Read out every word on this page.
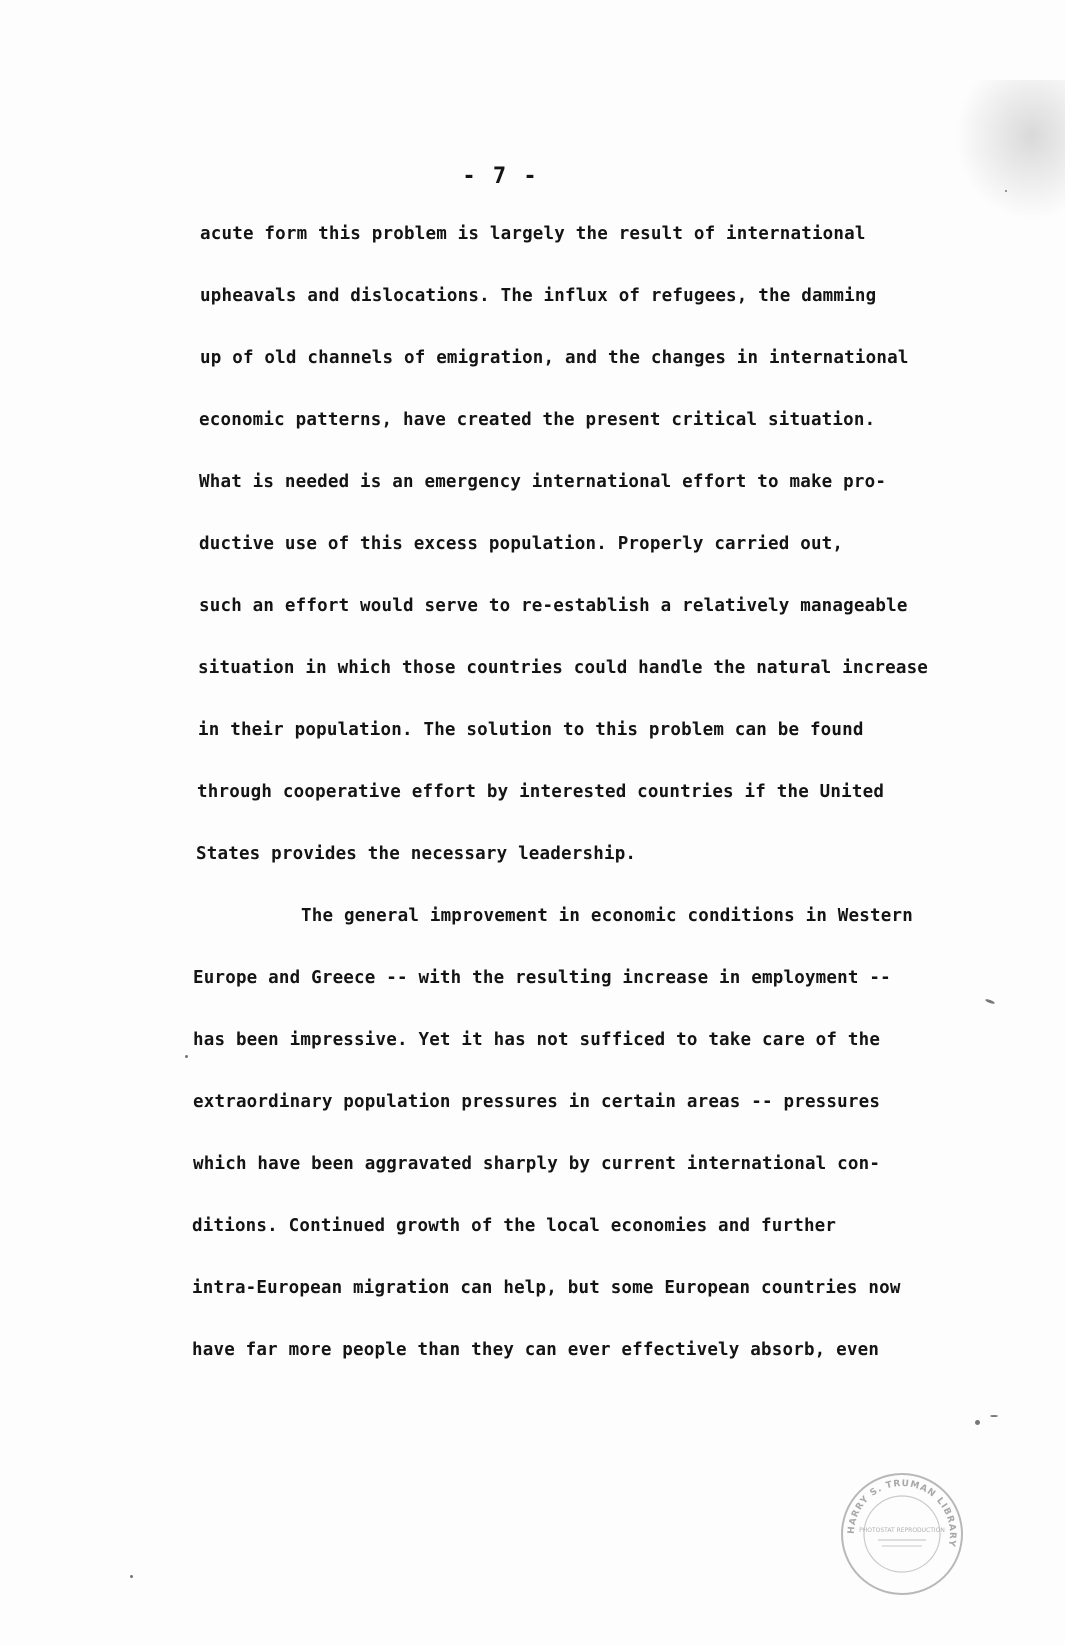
- 7 -
acute form this problem is largely the result of international
upheavals and dislocations. The influx of refugees, the damming
up of old channels of emigration, and the changes in international
economic patterns, have created the present critical situation.
What is needed is an emergency international effort to make pro-
ductive use of this excess population. Properly carried out,
such an effort would serve to re-establish a relatively manageable
situation in which those countries could handle the natural increase
in their population. The solution to this problem can be found
through cooperative effort by interested countries if the United
States provides the necessary leadership.
The general improvement in economic conditions in Western
Europe and Greece -- with the resulting increase in employment --
has been impressive. Yet it has not sufficed to take care of the
extraordinary population pressures in certain areas -- pressures
which have been aggravated sharply by current international con-
ditions. Continued growth of the local economies and further
intra-European migration can help, but some European countries now
have far more people than they can ever effectively absorb, even
HARRY S. TRUMAN LIBRARY
PHOTOSTAT REPRODUCTION
